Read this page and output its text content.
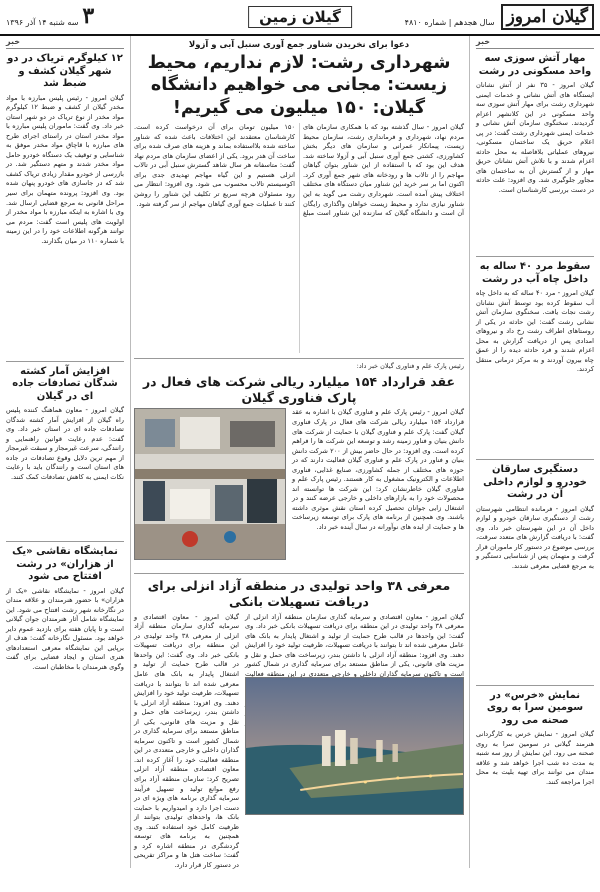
گیلان امروز
سال هجدهم | شماره ۴۸۱۰
گیلان زمین
۳
سه شنبه ۱۴ آذر ۱۳۹۶
خبر
مهار آتش سوزی سه واحد مسکونی در رشت

گیلان امروز - ۳۵ نفر از آتش نشانان ایستگاه های آتش نشانی و خدمات ایمنی شهرداری رشت برای مهار آتش سوزی سه واحد مسکونی در این کلانشهر اعزام گردیدند. سخنگوی سازمان آتش نشانی و خدمات ایمنی شهرداری رشت گفت: در پی اعلام حریق یک ساختمان مسکونی، نیروهای عملیاتی بلافاصله به محل حادثه اعزام شدند و با تلاش آتش نشانان حریق مهار و از گسترش آن به ساختمان های مجاور جلوگیری شد. وی افزود: علت حادثه در دست بررسی کارشناسان است.

سقوط مرد ۴۰ ساله به داخل چاه آب در رشت

گیلان امروز - مرد ۴۰ ساله که به داخل چاه آب سقوط کرده بود توسط آتش نشانان رشت نجات یافت. سخنگوی سازمان آتش نشانی رشت گفت: این حادثه در یکی از روستاهای اطراف رشت رخ داد و نیروهای امدادی پس از دریافت گزارش به محل اعزام شدند و فرد حادثه دیده را از عمق چاه بیرون آوردند و به مرکز درمانی منتقل کردند.

دستگیری سارقان خودرو و لوازم داخلی آن در رشت

گیلان امروز - فرمانده انتظامی شهرستان رشت از دستگیری سارقان خودرو و لوازم داخل آن در این شهرستان خبر داد. وی گفت: با دریافت گزارش های متعدد سرقت، بررسی موضوع در دستور کار ماموران قرار گرفت و متهمان پس از شناسایی دستگیر و به مرجع قضایی معرفی شدند.

نمایش «خرس» در سومین سرا به روی صحنه می رود

گیلان امروز - نمایش خرس به کارگردانی هنرمند گیلانی در سومین سرا به روی صحنه می رود. این نمایش از روز سه شنبه به مدت ده شب اجرا خواهد شد و علاقه مندان می توانند برای تهیه بلیت به محل اجرا مراجعه کنند.

خبر
۱۲ کیلوگرم تریاک در دو شهر گیلان کشف و ضبط شد

گیلان امروز - رئیس پلیس مبارزه با مواد مخدر گیلان از کشف و ضبط ۱۲ کیلوگرم مواد مخدر از نوع تریاک در دو شهر استان خبر داد. وی گفت: ماموران پلیس مبارزه با مواد مخدر استان در راستای اجرای طرح های مبارزه با قاچاق مواد مخدر موفق به شناسایی و توقیف یک دستگاه خودرو حامل مواد مخدر شدند و متهم دستگیر شد. در بازرسی از خودرو مقدار زیادی تریاک کشف شد که در جاسازی های خودرو پنهان شده بود. وی افزود: پرونده متهمان برای سیر مراحل قانونی به مرجع قضایی ارسال شد. وی با اشاره به اینکه مبارزه با مواد مخدر از اولویت های پلیس است گفت: مردم می توانند هرگونه اطلاعات خود را در این زمینه با شماره ۱۱۰ در میان بگذارند.

افزایش آمار کشته شدگان تصادفات جاده ای در گیلان

گیلان امروز - معاون هماهنگ کننده پلیس راه گیلان از افزایش آمار کشته شدگان تصادفات جاده ای در استان خبر داد. وی گفت: عدم رعایت قوانین راهنمایی و رانندگی، سرعت غیرمجاز و سبقت غیرمجاز از مهم ترین دلایل وقوع تصادفات در جاده های استان است و رانندگان باید با رعایت نکات ایمنی به کاهش تصادفات کمک کنند.

نمایشگاه نقاشی «یک از هزاران» در رشت افتتاح می شود

گیلان امروز - نمایشگاه نقاشی «یک از هزاران» با حضور هنرمندان و علاقه مندان در نگارخانه شهر رشت افتتاح می شود. این نمایشگاه شامل آثار هنرمندان جوان گیلانی است و تا پایان هفته برای بازدید عموم دایر خواهد بود. مسئول نگارخانه گفت: هدف از برپایی این نمایشگاه معرفی استعدادهای هنری استان و ایجاد فضایی برای گفت وگوی هنرمندان با مخاطبان است.

دعوا برای نخریدن شناور جمع آوری سنبل آبی و آزولا
شهرداری رشت: لازم نداریم، محیط زیست: مجانی می خواهیم دانشگاه گیلان: ۱۵۰ میلیون می گیریم!

گیلان امروز - سال گذشته بود که با همکاری سازمان های مردم نهاد، شهرداری و فرمانداری رشت، سازمان محیط زیست، پیمانکار عمرانی و سازمان های دیگر بخش کشاورزی، کشتی جمع آوری سنبل آبی و آزولا ساخته شد. هدف این بود که با استفاده از این شناور بتوان گیاهان مهاجم را از تالاب ها و رودخانه های شهر جمع آوری کرد. اکنون اما بر سر خرید این شناور میان دستگاه های مختلف اختلاف پیش آمده است. شهرداری رشت می گوید به این شناور نیازی ندارد و محیط زیست خواهان واگذاری رایگان آن است و دانشگاه گیلان که سازنده این شناور است مبلغ ۱۵۰ میلیون تومان برای آن درخواست کرده است. کارشناسان معتقدند این اختلافات باعث شده که شناور ساخته شده بلااستفاده بماند و هزینه های صرف شده برای ساخت آن هدر برود. یکی از اعضای سازمان های مردم نهاد گفت: متاسفانه هر سال شاهد گسترش سنبل آبی در تالاب انزلی هستیم و این گیاه مهاجم تهدیدی جدی برای اکوسیستم تالاب محسوب می شود. وی افزود: انتظار می رود مسئولان هرچه سریع تر تکلیف این شناور را روشن کنند تا عملیات جمع آوری گیاهان مهاجم از سر گرفته شود.

رئیس پارک علم و فناوری گیلان خبر داد:
عقد قرارداد ۱۵۴ میلیارد ریالی شرکت های فعال در پارک فناوری گیلان

گیلان امروز - رئیس پارک علم و فناوری گیلان با اشاره به عقد قرارداد ۱۵۴ میلیارد ریالی شرکت های فعال در پارک فناوری گیلان گفت: پارک علم و فناوری گیلان با حمایت از شرکت های دانش بنیان و فناور زمینه رشد و توسعه این شرکت ها را فراهم کرده است. وی افزود: در حال حاضر بیش از ۲۰۰ شرکت دانش بنیان و فناور در پارک علم و فناوری گیلان فعالیت دارند که در حوزه های مختلف از جمله کشاورزی، صنایع غذایی، فناوری اطلاعات و الکترونیک مشغول به کار هستند. رئیس پارک علم و فناوری گیلان خاطرنشان کرد: این شرکت ها توانسته اند محصولات خود را به بازارهای داخلی و خارجی عرضه کنند و در اشتغال زایی جوانان تحصیل کرده استان نقش موثری داشته باشند. وی همچنین از برنامه های پارک برای توسعه زیرساخت ها و حمایت از ایده های نوآورانه در سال آینده خبر داد.

معرفی ۳۸ واحد تولیدی در منطقه آزاد انزلی برای دریافت تسهیلات بانکی

گیلان امروز - معاون اقتصادی و سرمایه گذاری سازمان منطقه آزاد انزلی از معرفی ۳۸ واحد تولیدی در این منطقه برای دریافت تسهیلات بانکی خبر داد. وی گفت: این واحدها در قالب طرح حمایت از تولید و اشتغال پایدار به بانک های عامل معرفی شده اند تا بتوانند با دریافت تسهیلات، ظرفیت تولید خود را افزایش دهند. وی افزود: منطقه آزاد انزلی با داشتن بندر، زیرساخت های حمل و نقل و مزیت های قانونی، یکی از مناطق مستعد برای سرمایه گذاری در شمال کشور است و تاکنون سرمایه گذاران داخلی و خارجی متعددی در این منطقه فعالیت

گیلان امروز - معاون اقتصادی و سرمایه گذاری سازمان منطقه آزاد انزلی از معرفی ۳۸ واحد تولیدی در این منطقه برای دریافت تسهیلات بانکی خبر داد. وی گفت: این واحدها در قالب طرح حمایت از تولید و اشتغال پایدار به بانک های عامل معرفی شده اند تا بتوانند با دریافت تسهیلات، ظرفیت تولید خود را افزایش دهند. وی افزود: منطقه آزاد انزلی با داشتن بندر، زیرساخت های حمل و نقل و مزیت های قانونی، یکی از مناطق مستعد برای سرمایه گذاری در شمال کشور است و تاکنون سرمایه گذاران داخلی و خارجی متعددی در این منطقه فعالیت خود را آغاز کرده اند. معاون اقتصادی منطقه آزاد انزلی تصریح کرد: سازمان منطقه آزاد برای رفع موانع تولید و تسهیل فرآیند سرمایه گذاری برنامه های ویژه ای در دست اجرا دارد و امیدواریم با حمایت بانک ها، واحدهای تولیدی بتوانند از ظرفیت کامل خود استفاده کنند. وی همچنین به برنامه های توسعه گردشگری در منطقه اشاره کرد و گفت: ساخت هتل ها و مراکز تفریحی در دستور کار قرار دارد.
